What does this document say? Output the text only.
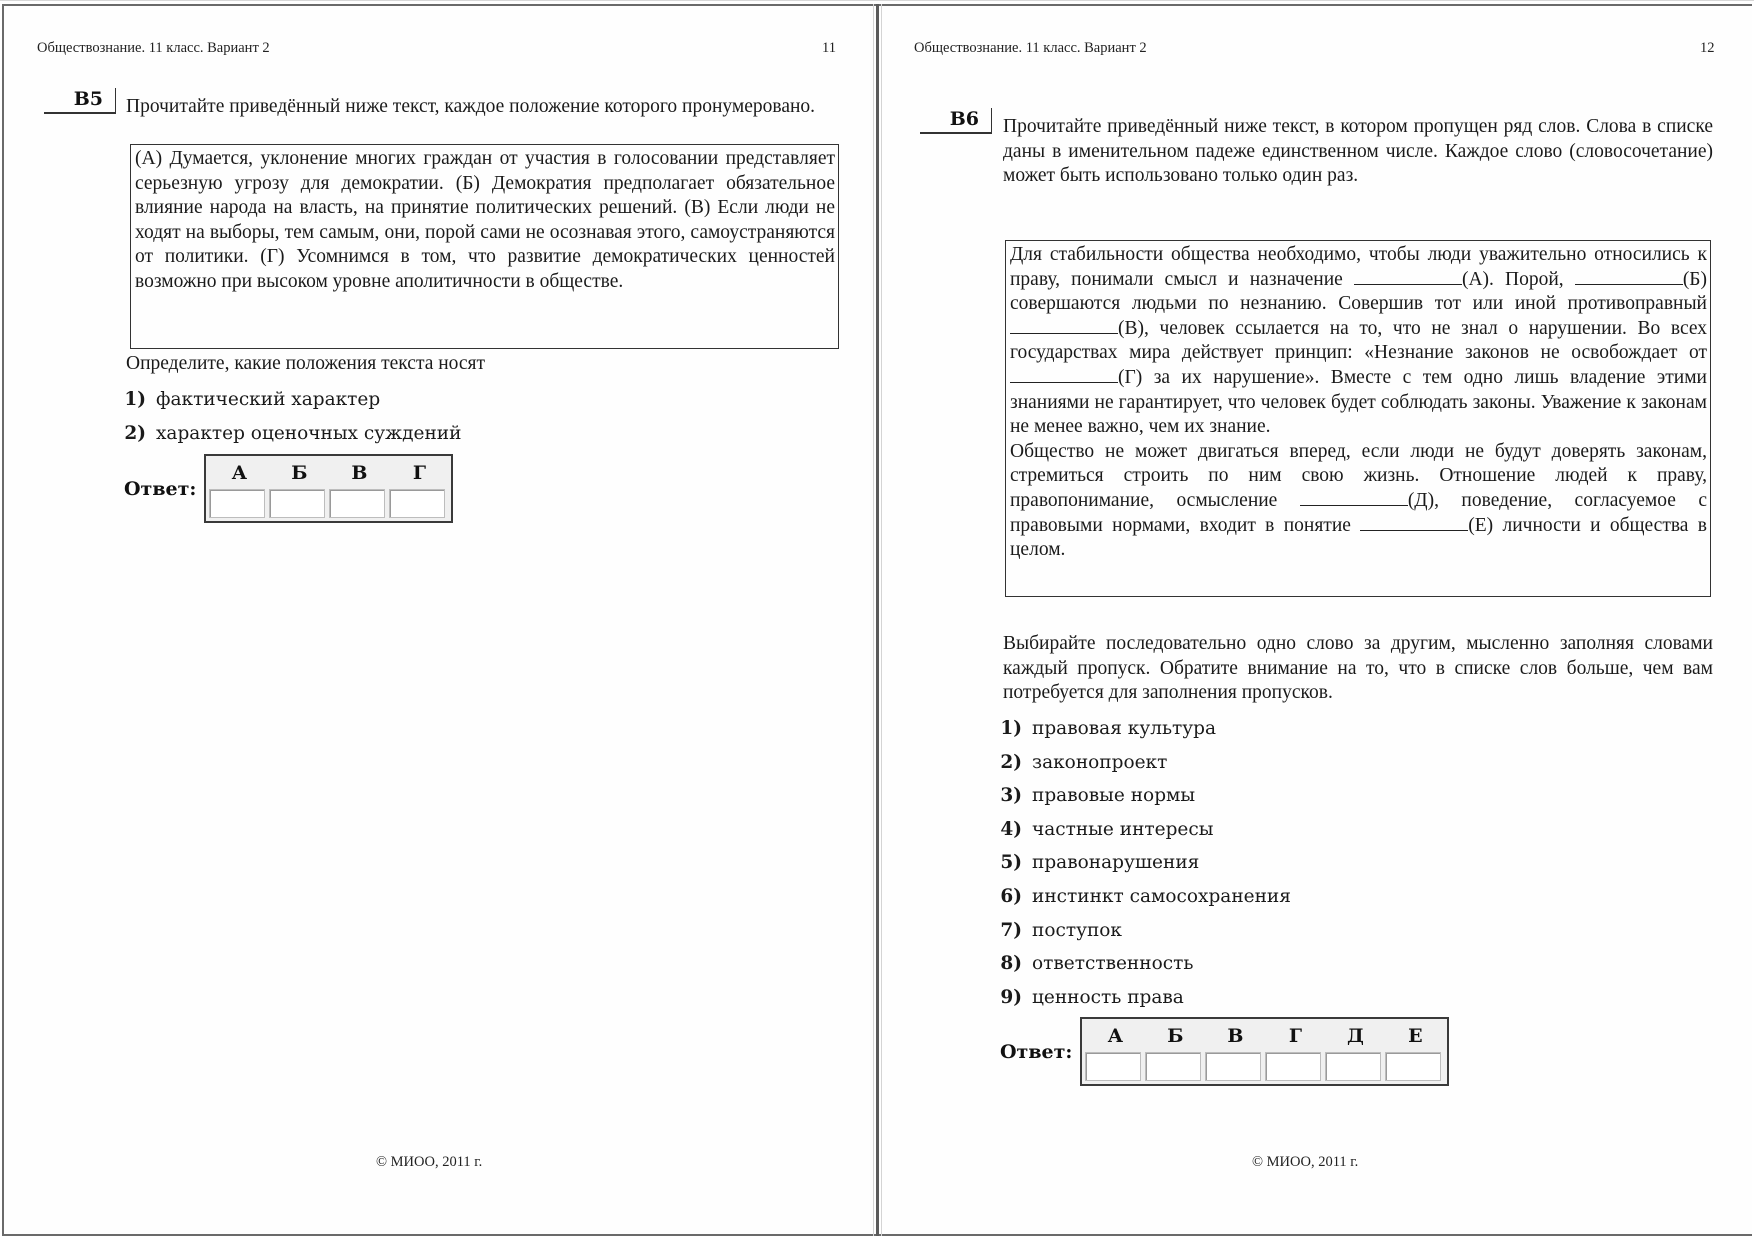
Обществознание. 11 класс. Вариант 2	11
B5	Прочитайте приведённый ниже текст, каждое положение которого пронумеровано.

(А) Думается, уклонение многих граждан от участия в голосовании представляет серьезную угрозу для демократии. (Б) Демократия предполагает обязательное влияние народа на власть, на принятие политических решений. (В) Если люди не ходят на выборы, тем самым, они, порой сами не осознавая этого, самоустраняются от политики. (Г) Усомнимся в том, что развитие демократических ценностей возможно при высоком уровне аполитичности в обществе.

Определите, какие положения текста носят
1) фактический характер
2) характер оценочных суждений
Ответ:
А	Б	В	Г
© МИОО, 2011 г.
Обществознание. 11 класс. Вариант 2	12
B6	Прочитайте приведённый ниже текст, в котором пропущен ряд слов. Слова в списке даны в именительном падеже единственном числе. Каждое слово (словосочетание) может быть использовано только один раз.

Для стабильности общества необходимо, чтобы люди уважительно относились к праву, понимали смысл и назначение	(А). Порой,	(Б) совершаются людьми по незнанию. Совершив тот или иной противоправный (В), человек ссылается на то, что не знал о нарушении. Во всех государствах мира действует принцип: «Незнание законов не освобождает от (Г) за их нарушение». Вместе с тем одно лишь владение этими знаниями не гарантирует, что человек будет соблюдать законы. Уважение к законам не менее важно, чем их знание.

Общество не может двигаться вперед, если люди не будут доверять законам, стремиться строить по ним свою жизнь. Отношение людей к праву, правопонимание, осмысление	(Д), поведение, согласуемое с правовыми нормами, входит в понятие	(Е) личности и общества в целом.

Выбирайте последовательно одно слово за другим, мысленно заполняя словами каждый пропуск. Обратите внимание на то, что в списке слов больше, чем вам потребуется для заполнения пропусков.
1) правовая культура
2) законопроект
3) правовые нормы
4) частные интересы
5) правонарушения
6) инстинкт самосохранения
7) поступок
8) ответственность
9) ценность права
Ответ:
А	Б	В	Г	Д	Е
© МИОО, 2011 г.
